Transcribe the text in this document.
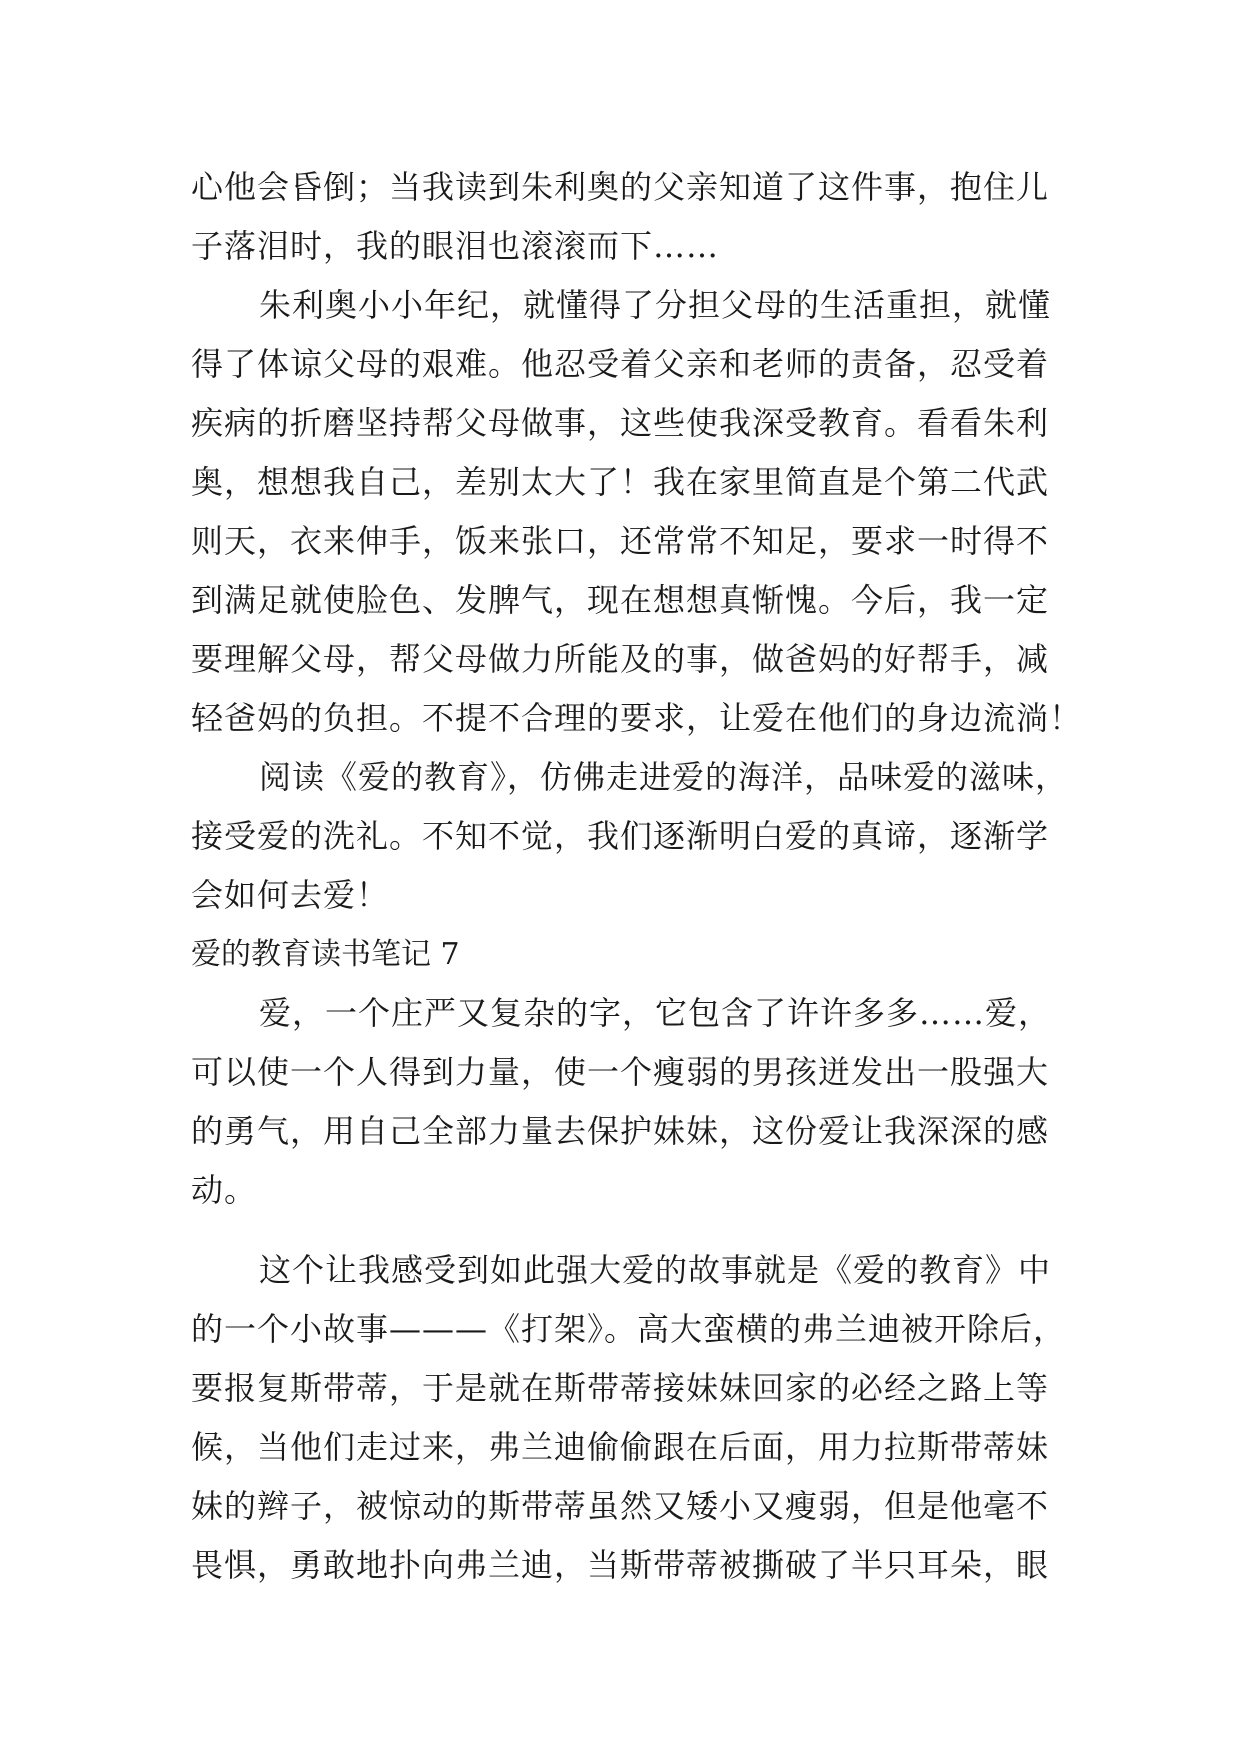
心他会昏倒；当我读到朱利奥的父亲知道了这件事，抱住儿
子落泪时，我的眼泪也滚滚而下……
朱利奥小小年纪，就懂得了分担父母的生活重担，就懂
得了体谅父母的艰难。他忍受着父亲和老师的责备，忍受着
疾病的折磨坚持帮父母做事，这些使我深受教育。看看朱利
奥，想想我自己，差别太大了！我在家里简直是个第二代武
则天，衣来伸手，饭来张口，还常常不知足，要求一时得不
到满足就使脸色、发脾气，现在想想真惭愧。今后，我一定
要理解父母，帮父母做力所能及的事，做爸妈的好帮手，减
轻爸妈的负担。不提不合理的要求，让爱在他们的身边流淌！
阅读《爱的教育》，仿佛走进爱的海洋，品味爱的滋味，
接受爱的洗礼。不知不觉，我们逐渐明白爱的真谛，逐渐学
会如何去爱！
爱的教育读书笔记 7
爱，一个庄严又复杂的字，它包含了许许多多……爱，
可以使一个人得到力量，使一个瘦弱的男孩迸发出一股强大
的勇气，用自己全部力量去保护妹妹，这份爱让我深深的感
动。
这个让我感受到如此强大爱的故事就是《爱的教育》中
的一个小故事———《打架》。高大蛮横的弗兰迪被开除后，
要报复斯带蒂，于是就在斯带蒂接妹妹回家的必经之路上等
候，当他们走过来，弗兰迪偷偷跟在后面，用力拉斯带蒂妹
妹的辫子，被惊动的斯带蒂虽然又矮小又瘦弱，但是他毫不
畏惧，勇敢地扑向弗兰迪，当斯带蒂被撕破了半只耳朵，眼
